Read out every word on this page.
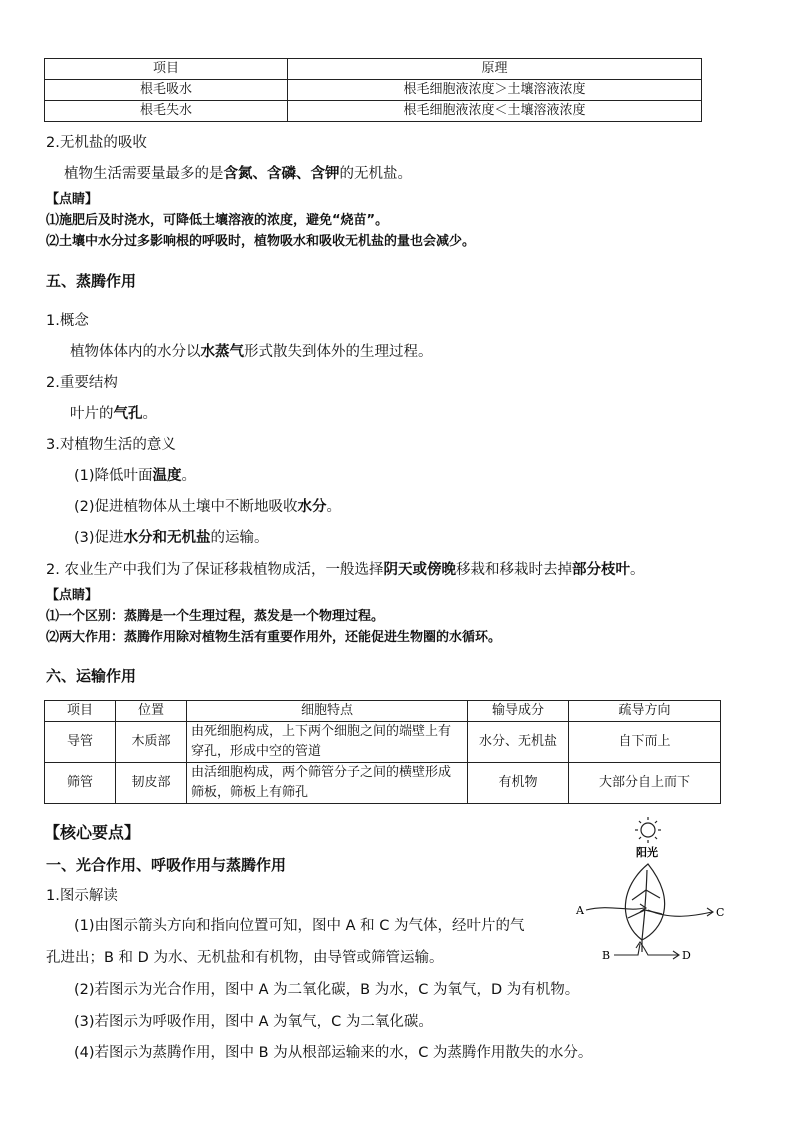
项目	原理
根毛吸水	根毛细胞液浓度＞土壤溶液浓度
根毛失水	根毛细胞液浓度＜土壤溶液浓度
2.无机盐的吸收
植物生活需要量最多的是含氮、含磷、含钾的无机盐。
【点睛】
⑴施肥后及时浇水，可降低土壤溶液的浓度，避免“烧苗”。
⑵土壤中水分过多影响根的呼吸时，植物吸水和吸收无机盐的量也会减少。
五、蒸腾作用
1.概念
植物体体内的水分以水蒸气形式散失到体外的生理过程。
2.重要结构
叶片的气孔。
3.对植物生活的意义
(1)降低叶面温度。
(2)促进植物体从土壤中不断地吸收水分。
(3)促进水分和无机盐的运输。
2. 农业生产中我们为了保证移栽植物成活，一般选择阴天或傍晚移栽和移栽时去掉部分枝叶。
【点睛】
⑴一个区别：蒸腾是一个生理过程，蒸发是一个物理过程。
⑵两大作用：蒸腾作用除对植物生活有重要作用外，还能促进生物圈的水循环。
六、运输作用
项目	位置	细胞特点	输导成分	疏导方向
导管	木质部	由死细胞构成，上下两个细胞之间的端壁上有穿孔，形成中空的管道	水分、无机盐	自下而上
筛管	韧皮部	由活细胞构成，两个筛管分子之间的横壁形成筛板，筛板上有筛孔	有机物	大部分自上而下
【核心要点】
一、光合作用、呼吸作用与蒸腾作用
1.图示解读
(1)由图示箭头方向和指向位置可知，图中 A 和 C 为气体，经叶片的气
孔进出；B 和 D 为水、无机盐和有机物，由导管或筛管运输。
(2)若图示为光合作用，图中 A 为二氧化碳，B 为水，C 为氧气，D 为有机物。
(3)若图示为呼吸作用，图中 A 为氧气，C 为二氧化碳。
(4)若图示为蒸腾作用，图中 B 为从根部运输来的水，C 为蒸腾作用散失的水分。
阳光
A	C
B	D
